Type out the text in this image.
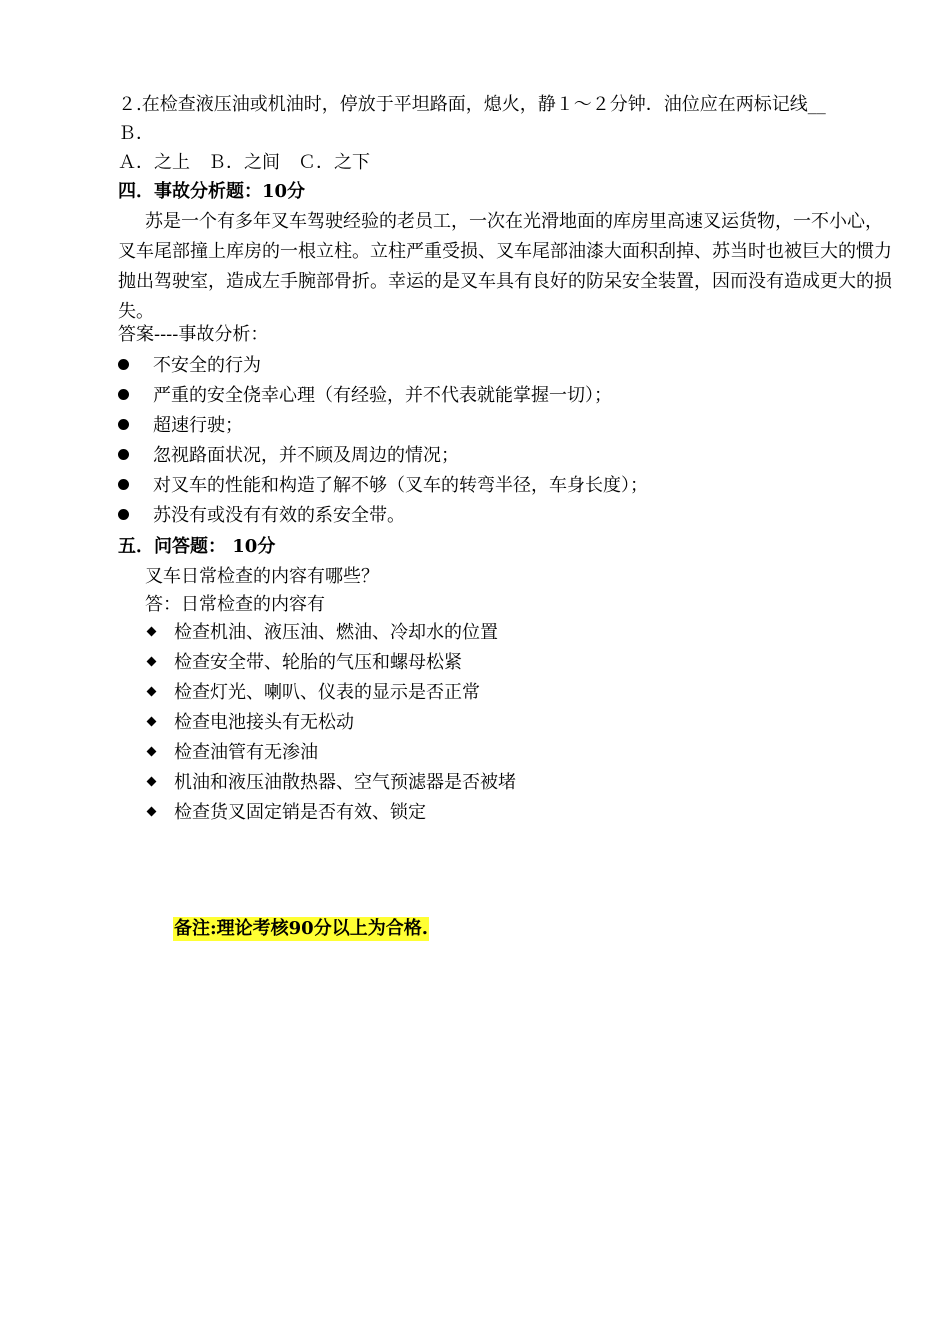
２.在检查液压油或机油时，停放于平坦路面，熄火，静１～２分钟．油位应在两标记线__
Ｂ．
Ａ．之上　Ｂ．之间　Ｃ．之下
四．事故分析题：10分
苏是一个有多年叉车驾驶经验的老员工，一次在光滑地面的库房里高速叉运货物，一不小心，叉车尾部撞上库房的一根立柱。立柱严重受损、叉车尾部油漆大面积刮掉、苏当时也被巨大的惯力抛出驾驶室，造成左手腕部骨折。幸运的是叉车具有良好的防呆安全装置，因而没有造成更大的损失。
答案----事故分析：
不安全的行为
严重的安全侥幸心理（有经验，并不代表就能掌握一切）；
超速行驶；
忽视路面状况，并不顾及周边的情况；
对叉车的性能和构造了解不够（叉车的转弯半径，车身长度）；
苏没有或没有有效的系安全带。
五．问答题： 10分
叉车日常检查的内容有哪些？
答：日常检查的内容有
检查机油、液压油、燃油、冷却水的位置
检查安全带、轮胎的气压和螺母松紧
检查灯光、喇叭、仪表的显示是否正常
检查电池接头有无松动
检查油管有无渗油
机油和液压油散热器、空气预滤器是否被堵
检查货叉固定销是否有效、锁定
备注:理论考核90分以上为合格.
